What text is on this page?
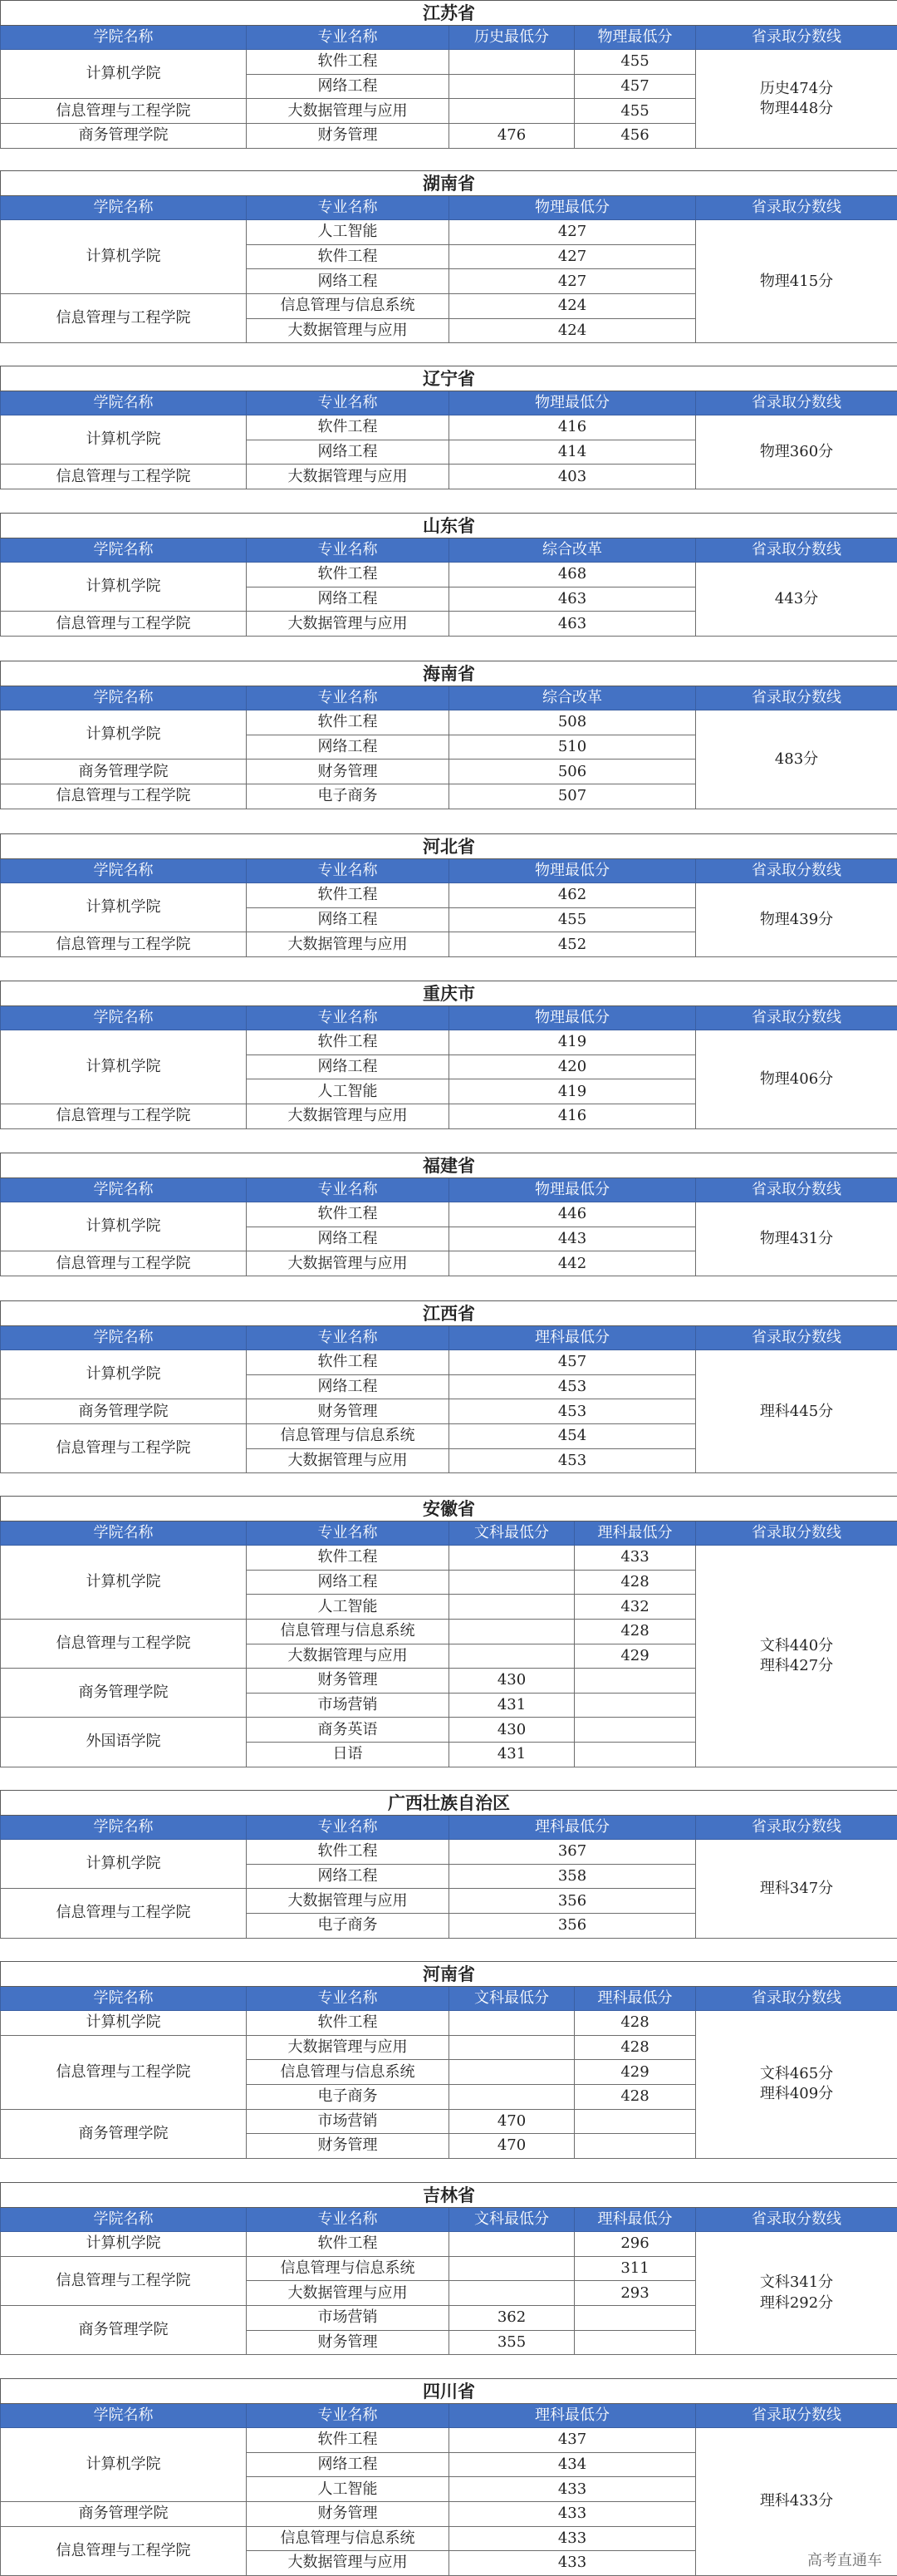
江苏省				
学院名称	专业名称	历史最低分	物理最低分	省录取分数线
计算机学院	软件工程		455	历史474分
物理448分
	网络工程		457	
信息管理与工程学院	大数据管理与应用		455	
商务管理学院	财务管理	476	456	
湖南省			
学院名称	专业名称	物理最低分	省录取分数线
计算机学院	人工智能	427	物理415分
	软件工程	427	
	网络工程	427	
信息管理与工程学院	信息管理与信息系统	424	
	大数据管理与应用	424	
辽宁省			
学院名称	专业名称	物理最低分	省录取分数线
计算机学院	软件工程	416	物理360分
	网络工程	414	
信息管理与工程学院	大数据管理与应用	403	
山东省			
学院名称	专业名称	综合改革	省录取分数线
计算机学院	软件工程	468	443分
	网络工程	463	
信息管理与工程学院	大数据管理与应用	463	
海南省			
学院名称	专业名称	综合改革	省录取分数线
计算机学院	软件工程	508	483分
	网络工程	510	
商务管理学院	财务管理	506	
信息管理与工程学院	电子商务	507	
河北省			
学院名称	专业名称	物理最低分	省录取分数线
计算机学院	软件工程	462	物理439分
	网络工程	455	
信息管理与工程学院	大数据管理与应用	452	
重庆市			
学院名称	专业名称	物理最低分	省录取分数线
计算机学院	软件工程	419	物理406分
	网络工程	420	
	人工智能	419	
信息管理与工程学院	大数据管理与应用	416	
福建省			
学院名称	专业名称	物理最低分	省录取分数线
计算机学院	软件工程	446	物理431分
	网络工程	443	
信息管理与工程学院	大数据管理与应用	442	
江西省			
学院名称	专业名称	理科最低分	省录取分数线
计算机学院	软件工程	457	理科445分
	网络工程	453	
商务管理学院	财务管理	453	
信息管理与工程学院	信息管理与信息系统	454	
	大数据管理与应用	453	
安徽省				
学院名称	专业名称	文科最低分	理科最低分	省录取分数线
计算机学院	软件工程		433	文科440分
理科427分
	网络工程		428	
	人工智能		432	
信息管理与工程学院	信息管理与信息系统		428	
	大数据管理与应用		429	
商务管理学院	财务管理	430		
	市场营销	431		
外国语学院	商务英语	430		
	日语	431		
广西壮族自治区			
学院名称	专业名称	理科最低分	省录取分数线
计算机学院	软件工程	367	理科347分
	网络工程	358	
信息管理与工程学院	大数据管理与应用	356	
	电子商务	356	
河南省				
学院名称	专业名称	文科最低分	理科最低分	省录取分数线
计算机学院	软件工程		428	文科465分
理科409分
信息管理与工程学院	大数据管理与应用		428	
	信息管理与信息系统		429	
	电子商务		428	
商务管理学院	市场营销	470		
	财务管理	470		
吉林省				
学院名称	专业名称	文科最低分	理科最低分	省录取分数线
计算机学院	软件工程		296	文科341分
理科292分
信息管理与工程学院	信息管理与信息系统		311	
	大数据管理与应用		293	
商务管理学院	市场营销	362		
	财务管理	355		
四川省			
学院名称	专业名称	理科最低分	省录取分数线
计算机学院	软件工程	437	理科433分
	网络工程	434	
	人工智能	433	
商务管理学院	财务管理	433	
信息管理与工程学院	信息管理与信息系统	433	
	大数据管理与应用	433		高考直通车
